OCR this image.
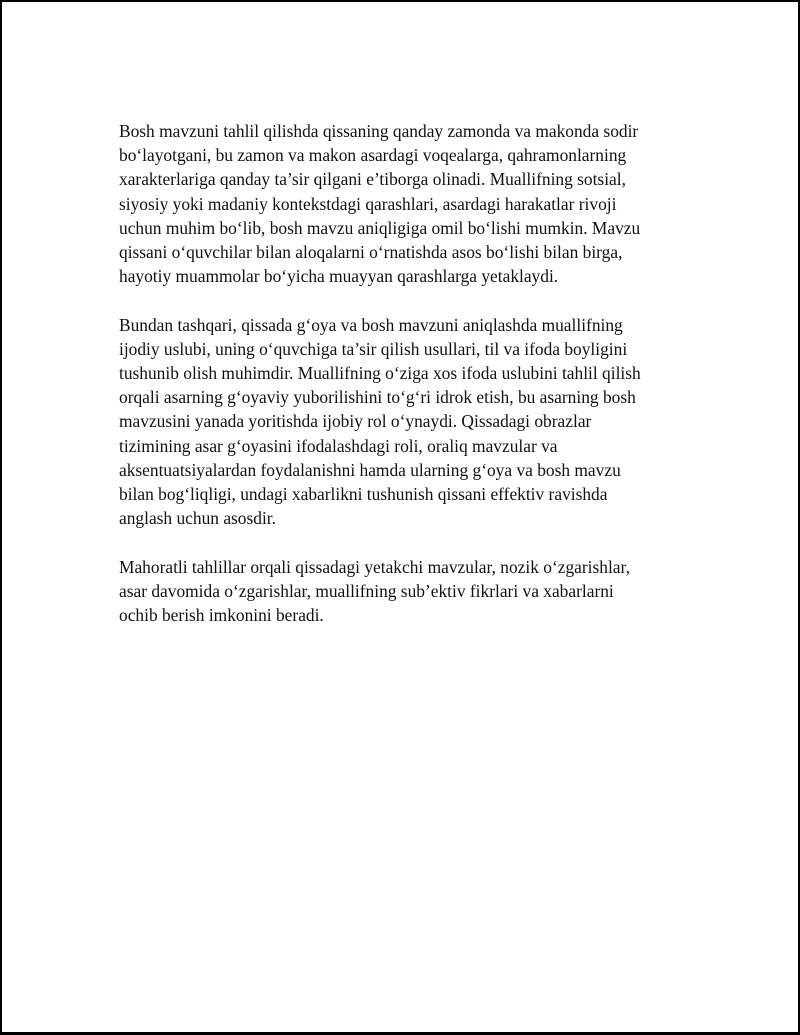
Bosh mavzuni tahlil qilishda qissaning qanday zamonda va makonda sodir
bo‘layotgani, bu zamon va makon asardagi voqealarga, qahramonlarning
xarakterlariga qanday ta’sir qilgani e’tiborga olinadi. Muallifning sotsial,
siyosiy yoki madaniy kontekstdagi qarashlari, asardagi harakatlar rivoji
uchun muhim bo‘lib, bosh mavzu aniqligiga omil bo‘lishi mumkin. Mavzu
qissani o‘quvchilar bilan aloqalarni o‘rnatishda asos bo‘lishi bilan birga,
hayotiy muammolar bo‘yicha muayyan qarashlarga yetaklaydi.

Bundan tashqari, qissada g‘oya va bosh mavzuni aniqlashda muallifning
ijodiy uslubi, uning o‘quvchiga ta’sir qilish usullari, til va ifoda boyligini
tushunib olish muhimdir. Muallifning o‘ziga xos ifoda uslubini tahlil qilish
orqali asarning g‘oyaviy yuborilishini to‘g‘ri idrok etish, bu asarning bosh
mavzusini yanada yoritishda ijobiy rol o‘ynaydi. Qissadagi obrazlar
tizimining asar g‘oyasini ifodalashdagi roli, oraliq mavzular va
aksentuatsiyalardan foydalanishni hamda ularning g‘oya va bosh mavzu
bilan bog‘liqligi, undagi xabarlikni tushunish qissani effektiv ravishda
anglash uchun asosdir.

Mahoratli tahlillar orqali qissadagi yetakchi mavzular, nozik o‘zgarishlar,
asar davomida o‘zgarishlar, muallifning sub’ektiv fikrlari va xabarlarni
ochib berish imkonini beradi.
